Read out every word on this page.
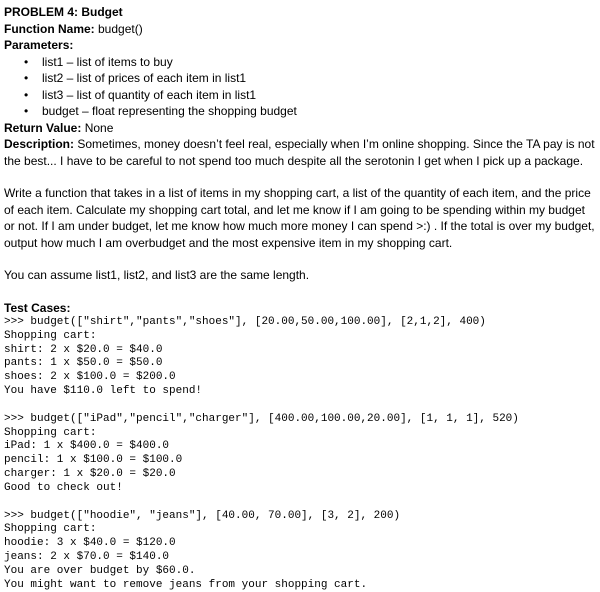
PROBLEM 4: Budget

Function Name: budget()

Parameters:

• list1 – list of items to buy
• list2 – list of prices of each item in list1
• list3 – list of quantity of each item in list1
• budget – float representing the shopping budget

Return Value: None

Description: Sometimes, money doesn’t feel real, especially when I’m online shopping. Since the TA pay is not the best... I have to be careful to not spend too much despite all the serotonin I get when I pick up a package.

Write a function that takes in a list of items in my shopping cart, a list of the quantity of each item, and the price of each item. Calculate my shopping cart total, and let me know if I am going to be spending within my budget or not. If I am under budget, let me know how much more money I can spend >:) . If the total is over my budget, output how much I am overbudget and the most expensive item in my shopping cart.

You can assume list1, list2, and list3 are the same length.

Test Cases:

>>> budget(["shirt","pants","shoes"], [20.00,50.00,100.00], [2,1,2], 400)

Shopping cart:

shirt: 2 x $20.0 = $40.0

pants: 1 x $50.0 = $50.0

shoes: 2 x $100.0 = $200.0

You have $110.0 left to spend!

>>> budget(["iPad","pencil","charger"], [400.00,100.00,20.00], [1, 1, 1], 520)

Shopping cart:

iPad: 1 x $400.0 = $400.0

pencil: 1 x $100.0 = $100.0

charger: 1 x $20.0 = $20.0

Good to check out!

>>> budget(["hoodie", "jeans"], [40.00, 70.00], [3, 2], 200)

Shopping cart:

hoodie: 3 x $40.0 = $120.0

jeans: 2 x $70.0 = $140.0

You are over budget by $60.0.

You might want to remove jeans from your shopping cart.
